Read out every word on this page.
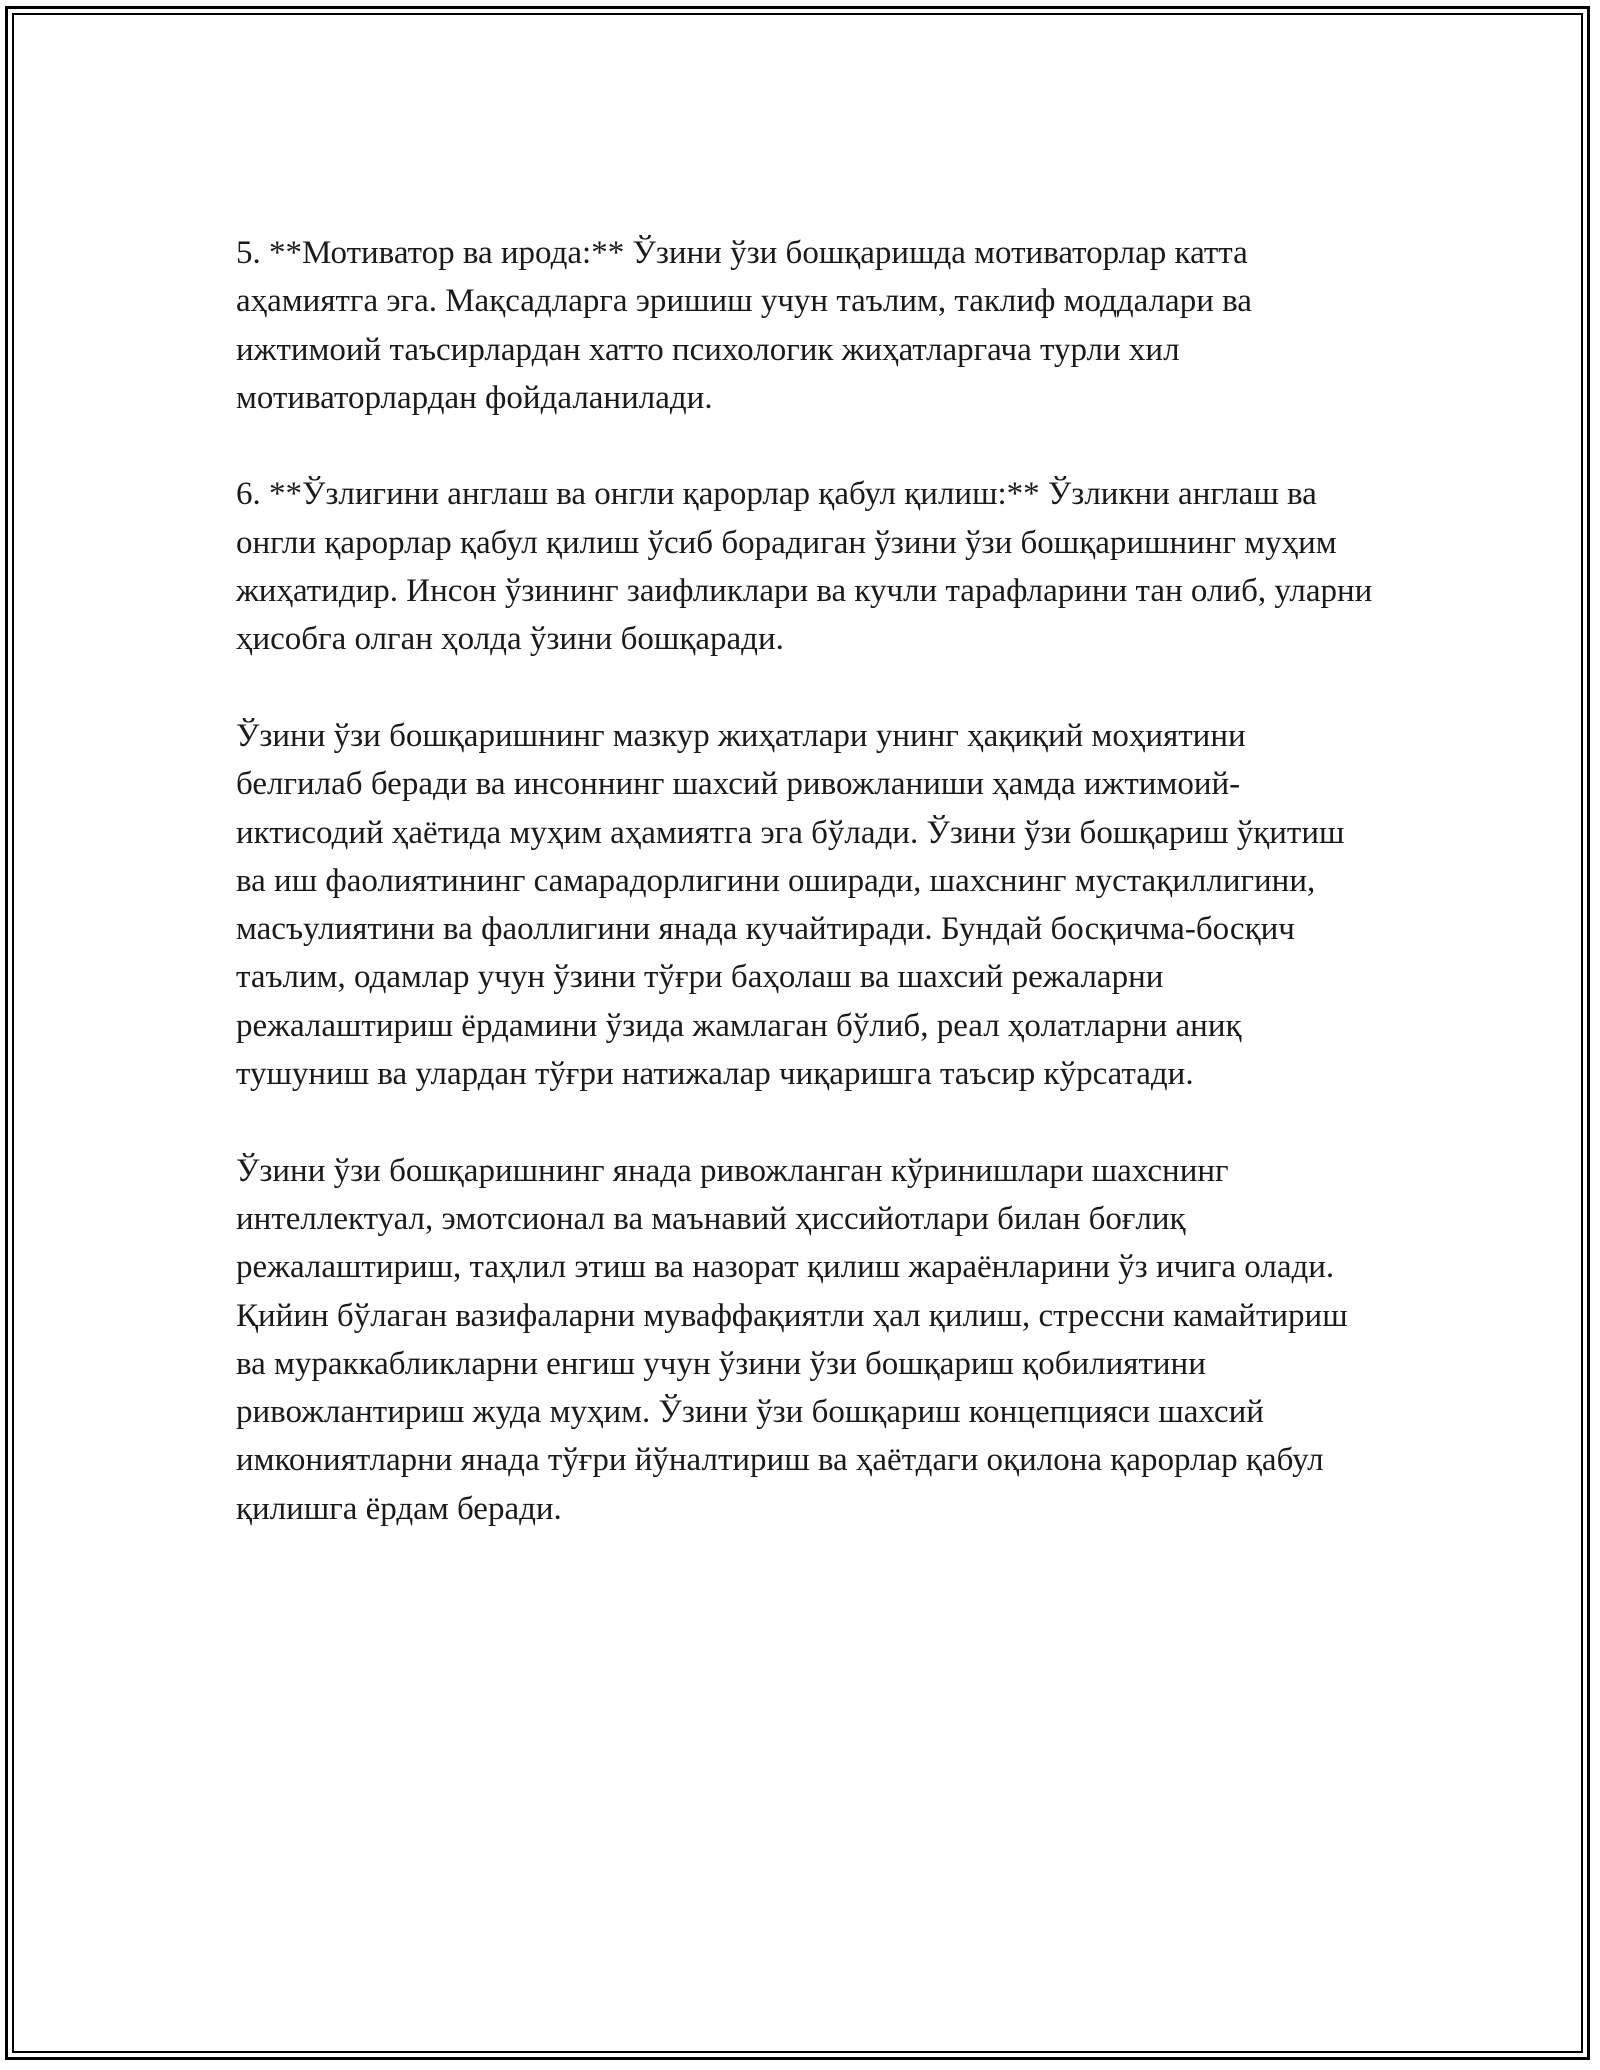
5. **Мотиватор ва ирода:** Ўзини ўзи бошқаришда мотиваторлар катта аҳамиятга эга. Мақсадларга эришиш учун таълим, таклиф моддалари ва ижтимоий таъсирлардан хатто психологик жиҳатларгача турли хил мотиваторлардан фойдаланилади.

6. **Ўзлигини англаш ва онгли қарорлар қабул қилиш:** Ўзликни англаш ва онгли қарорлар қабул қилиш ўсиб борадиган ўзини ўзи бошқаришнинг муҳим жиҳатидир. Инсон ўзининг заифликлари ва кучли тарафларини тан олиб, уларни ҳисобга олган ҳолда ўзини бошқаради.

Ўзини ўзи бошқаришнинг мазкур жиҳатлари унинг ҳақиқий моҳиятини белгилаб беради ва инсоннинг шахсий ривожланиши ҳамда ижтимоий-иктисодий ҳаётида муҳим аҳамиятга эга бўлади. Ўзини ўзи бошқариш ўқитиш ва иш фаолиятининг самарадорлигини оширади, шахснинг мустақиллигини, масъулиятини ва фаоллигини янада кучайтиради. Бундай босқичма-босқич таълим, одамлар учун ўзини тўғри баҳолаш ва шахсий режаларни режалаштириш ёрдамини ўзида жамлаган бўлиб, реал ҳолатларни аниқ тушуниш ва улардан тўғри натижалар чиқаришга таъсир кўрсатади.

Ўзини ўзи бошқаришнинг янада ривожланган кўринишлари шахснинг интеллектуал, эмотсионал ва маънавий ҳиссийотлари билан боғлиқ режалаштириш, таҳлил этиш ва назорат қилиш жараёнларини ўз ичига олади. Қийин бўлаган вазифаларни муваффақиятли ҳал қилиш, стрессни камайтириш ва мураккабликларни енгиш учун ўзини ўзи бошқариш қобилиятини ривожлантириш жуда муҳим. Ўзини ўзи бошқариш концепцияси шахсий имкониятларни янада тўғри йўналтириш ва ҳаётдаги оқилона қарорлар қабул қилишга ёрдам беради.
